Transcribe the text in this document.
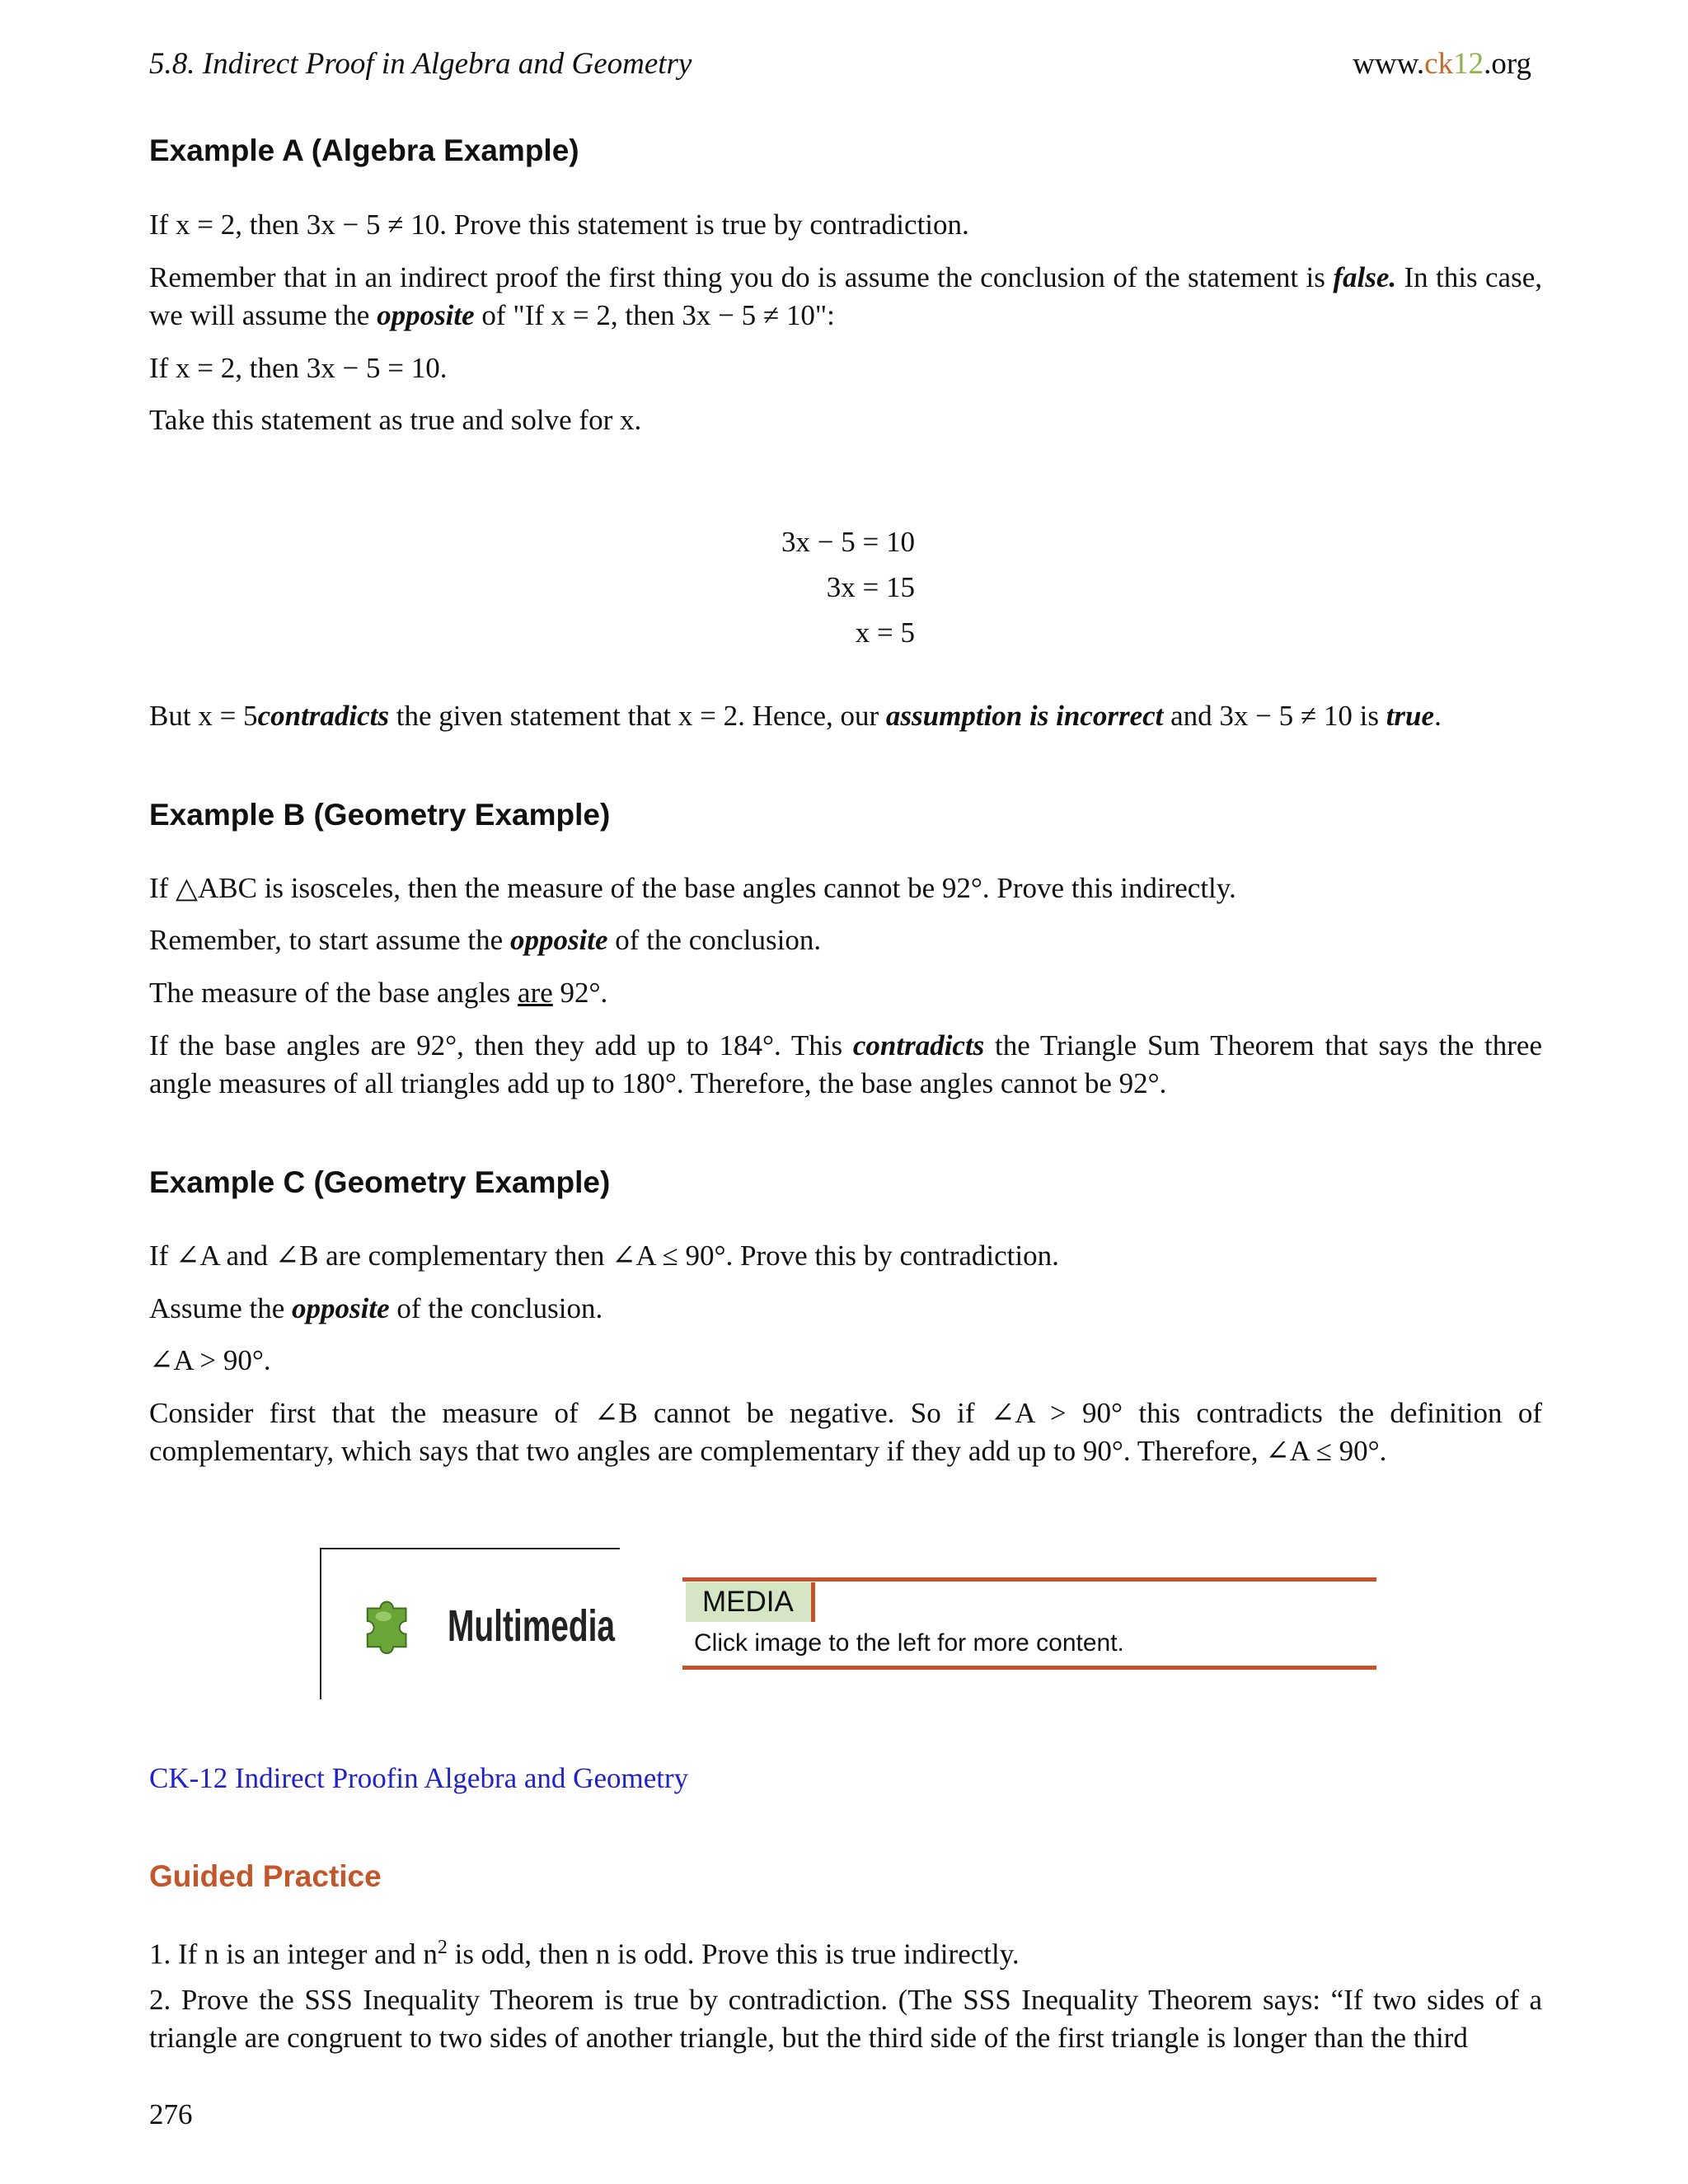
5.8. Indirect Proof in Algebra and Geometry	www.ck12.org
Example A (Algebra Example)
If x = 2, then 3x − 5 ≠ 10. Prove this statement is true by contradiction.
Remember that in an indirect proof the first thing you do is assume the conclusion of the statement is false. In this case, we will assume the opposite of "If x = 2, then 3x − 5 ≠ 10":
If x = 2, then 3x − 5 = 10.
Take this statement as true and solve for x.
3x − 5 = 10
3x = 15
x = 5
But x = 5contradicts the given statement that x = 2. Hence, our assumption is incorrect and 3x − 5 ≠ 10 is true.
Example B (Geometry Example)
If △ABC is isosceles, then the measure of the base angles cannot be 92°. Prove this indirectly.
Remember, to start assume the opposite of the conclusion.
The measure of the base angles are 92°.
If the base angles are 92°, then they add up to 184°. This contradicts the Triangle Sum Theorem that says the three angle measures of all triangles add up to 180°. Therefore, the base angles cannot be 92°.
Example C (Geometry Example)
If ∠A and ∠B are complementary then ∠A ≤ 90°. Prove this by contradiction.
Assume the opposite of the conclusion.
∠A > 90°.
Consider first that the measure of ∠B cannot be negative. So if ∠A > 90° this contradicts the definition of complementary, which says that two angles are complementary if they add up to 90°. Therefore, ∠A ≤ 90°.
Multimedia	MEDIA
Click image to the left for more content.
CK-12 Indirect Proofin Algebra and Geometry
Guided Practice
1. If n is an integer and $n^2$ is odd, then n is odd. Prove this is true indirectly.
2. Prove the SSS Inequality Theorem is true by contradiction. (The SSS Inequality Theorem says: “If two sides of a triangle are congruent to two sides of another triangle, but the third side of the first triangle is longer than the third
276
